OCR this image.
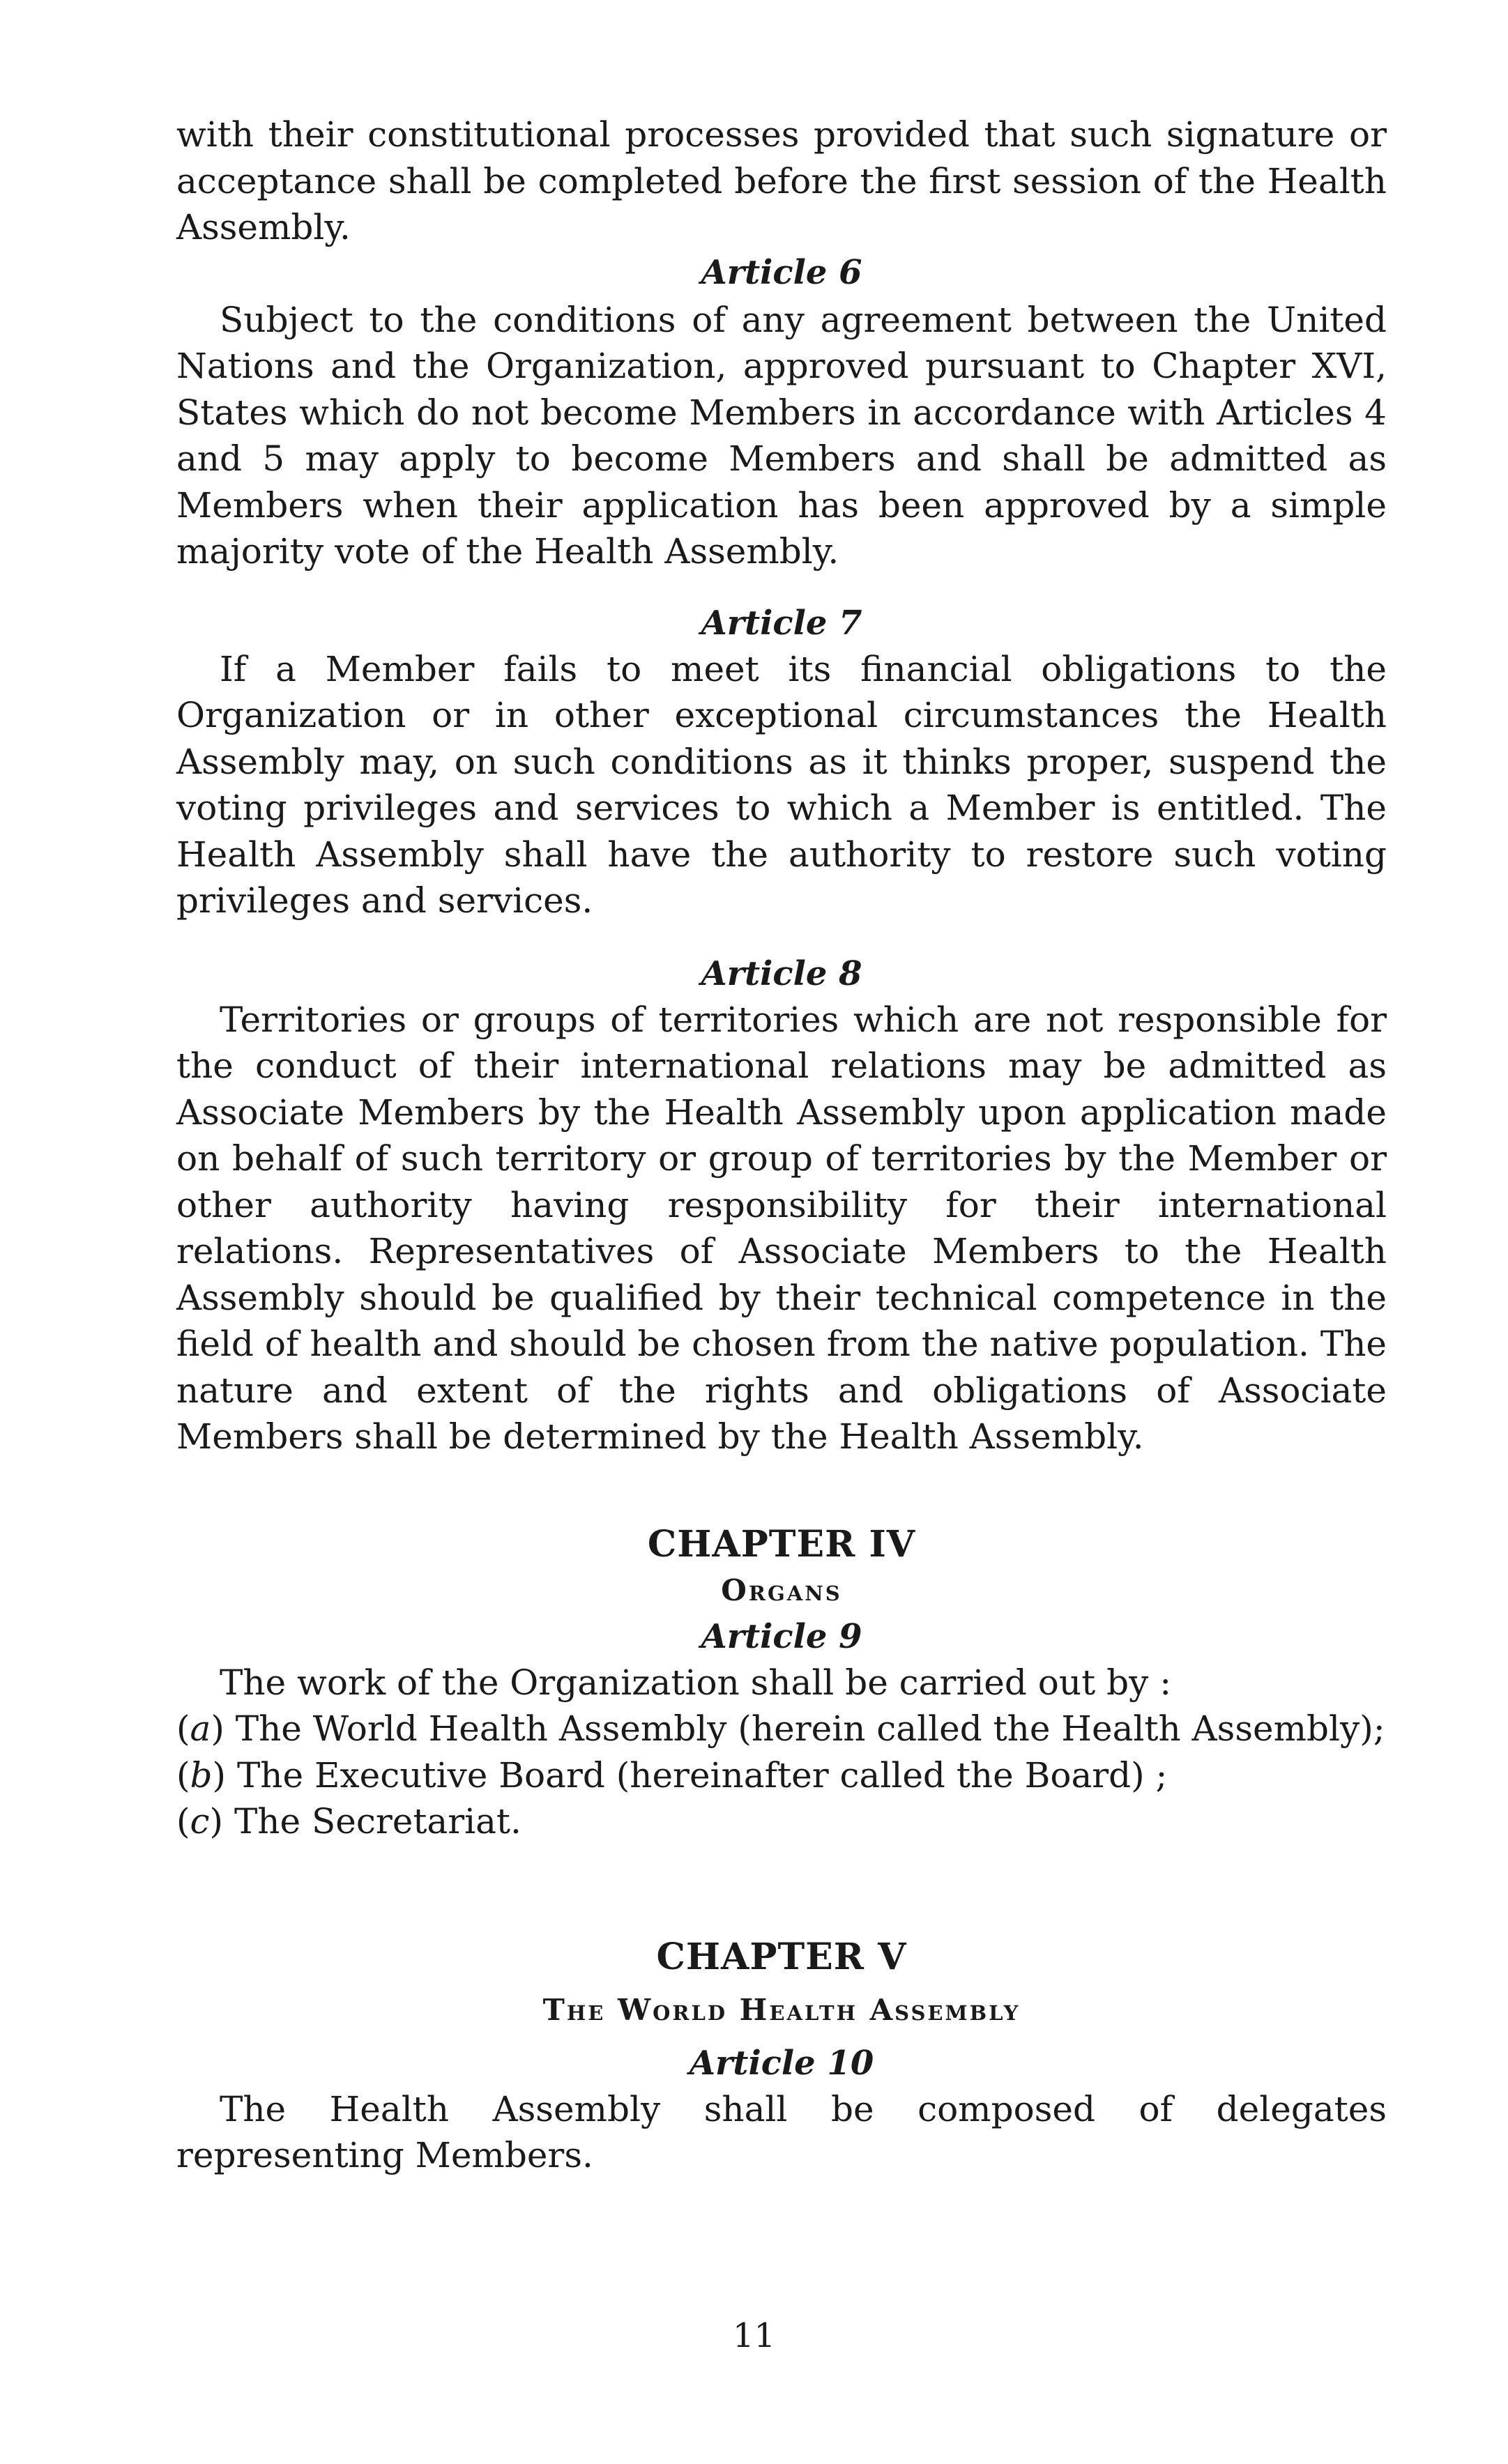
with their constitutional processes provided that such signature or acceptance shall be completed before the first session of the Health Assembly.

Article 6

Subject to the conditions of any agreement between the United Nations and the Organization, approved pursuant to Chapter XVI, States which do not become Members in accordance with Articles 4 and 5 may apply to become Members and shall be admitted as Members when their application has been approved by a simple majority vote of the Health Assembly.

Article 7

If a Member fails to meet its financial obligations to the Organization or in other exceptional circumstances the Health Assembly may, on such conditions as it thinks proper, suspend the voting privileges and services to which a Member is entitled. The Health Assembly shall have the authority to restore such voting privileges and services.

Article 8

Territories or groups of territories which are not responsible for the conduct of their international relations may be admitted as Associate Members by the Health Assembly upon application made on behalf of such territory or group of territories by the Member or other authority having responsibility for their international relations. Representatives of Associate Members to the Health Assembly should be qualified by their technical competence in the field of health and should be chosen from the native population. The nature and extent of the rights and obligations of Associate Members shall be determined by the Health Assembly.

CHAPTER IV
Organs
Article 9

The work of the Organization shall be carried out by :

(a) The World Health Assembly (herein called the Health Assembly);
(b) The Executive Board (hereinafter called the Board) ;
(c) The Secretariat.
CHAPTER V
The World Health Assembly
Article 10

The Health Assembly shall be composed of delegates representing Members.

11
